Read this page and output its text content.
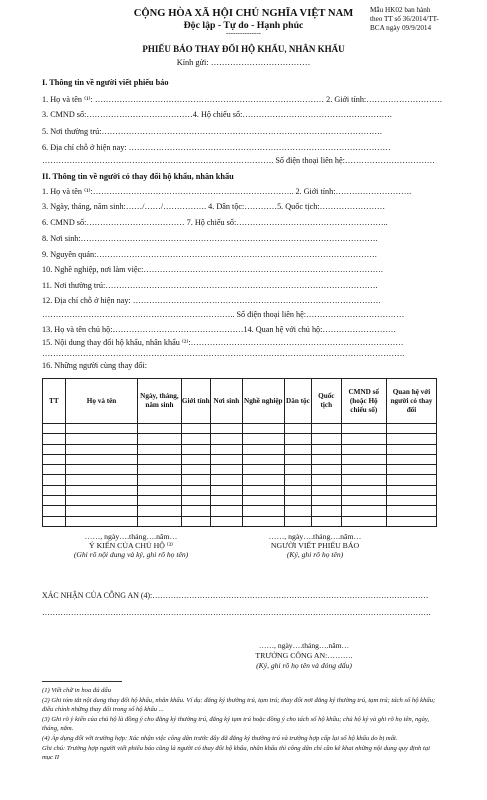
CỘNG HÒA XÃ HỘI CHỦ NGHĨA VIỆT NAM
Độc lập - Tự do - Hạnh phúc
---------------
Mẫu HK02 ban hành
theo TT số 36/2014/TT-
BCA ngày 09/9/2014
PHIẾU BÁO THAY ĐỔI HỘ KHẨU, NHÂN KHẨU
Kính gửi: ………………………………
I. Thông tin về người viết phiếu báo
1. Họ và tên ⁽¹⁾: ………………………………………………………………………… 2. Giới tính:……………………….
3. CMND số:…………………………………4. Hộ chiếu số:……………………………………………….
5. Nơi thường trú:………………………………………………………………………………………….
6. Địa chỉ chỗ ở hiện nay: ……………………………………………………………………………………
…………………………………………………………………………. Số điện thoại liên hệ:……………………………
II. Thông tin về người có thay đổi hộ khẩu, nhân khẩu
1. Họ và tên ⁽¹⁾:……………………………………………………………….. 2. Giới tính:……………………….
3. Ngày, tháng, năm sinh:……/……/……………. 4. Dân tộc:…………5. Quốc tịch:……………………
6. CMND số:……………………………… 7. Hộ chiếu số:………………………………………………..
8. Nơi sinh:……………………………………………………………………………………………….
9. Nguyên quán:………………………………………………………………………………………….
10. Nghề nghiệp, nơi làm việc:…………………………………………………………………………….
11. Nơi thường trú:……………………………………………………………………………………….
12. Địa chỉ chỗ ở hiện nay: ……………………………………………………………………………….
…………………………………………………………….. Số điện thoại liên hệ:………………………………
13. Họ và tên chủ hộ:…………………………………………14. Quan hệ với chủ hộ:………………………
15. Nội dung thay đổi hộ khẩu, nhân khẩu ⁽²⁾:……………………………………………………………………
…………………………………………………………………………………………………………………….
16. Những người cùng thay đổi:
TT	Họ và tên	Ngày, tháng, năm sinh	Giới tính	Nơi sinh	Nghề nghiệp	Dân tộc	Quốc tịch	CMND số (hoặc Hộ chiếu số)	Quan hệ với người có thay đổi

……, ngày….tháng….năm…
Ý KIẾN CỦA CHỦ HỘ ⁽³⁾
(Ghi rõ nội dung và ký, ghi rõ họ tên)
……, ngày….tháng….năm…
NGƯỜI VIẾT PHIẾU BÁO
(Ký, ghi rõ họ tên)
XÁC NHẬN CỦA CÔNG AN (4):……………………………………………………………………………………………
………………………………………………………………………………………………………………………………….
……, ngày….tháng….năm…
TRƯỞNG CÔNG AN:……….
(Ký, ghi rõ họ tên và đóng dấu)

(1) Viết chữ in hoa đủ dấu

(2) Ghi tóm tắt nội dung thay đổi hộ khẩu, nhân khẩu. Ví dụ: đăng ký thường trú, tạm trú; thay đổi nơi đăng ký thường trú, tạm trú; tách sổ hộ khẩu; điều chỉnh những thay đổi trong sổ hộ khẩu ...

(3) Ghi rõ ý kiến của chủ hộ là đồng ý cho đăng ký thường trú, đăng ký tạm trú hoặc đồng ý cho tách sổ hộ khẩu; chủ hộ ký và ghi rõ họ tên, ngày, tháng, năm.

(4) Áp dụng đối với trường hợp: Xác nhận việc công dân trước đây đã đăng ký thường trú và trường hợp cấp lại sổ hộ khẩu do bị mất.

Ghi chú: Trường hợp người viết phiếu báo cũng là người có thay đổi hộ khẩu, nhân khẩu thì công dân chỉ cần kê khai những nội dung quy định tại mục II
